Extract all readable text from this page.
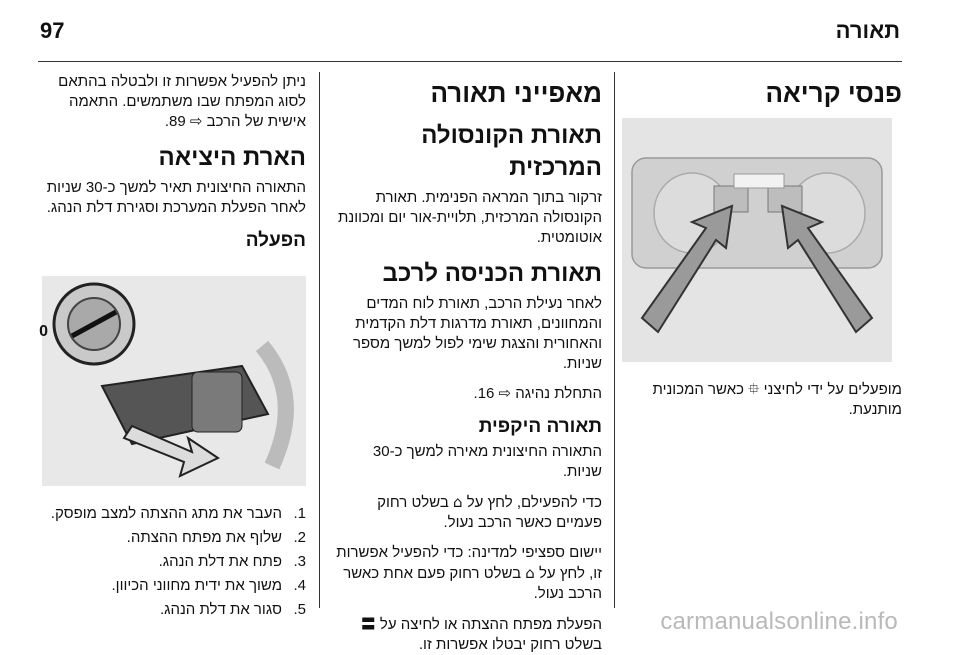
97	תאורה
פנסי קריאה

מופעלים על ידי לחיצני ⯐ כאשר המכונית מותנעת.

מאפייני תאורה
תאורת הקונסולה המרכזית

זרקור בתוך המראה הפנימית. תאורת הקונסולה המרכזית, תלויית-אור יום ומכוונת אוטומטית.

תאורת הכניסה לרכב

לאחר נעילת הרכב, תאורת לוח המדים והמחוונים, תאורת מדרגות דלת הקדמית והאחורית והצגת שימי לפול למשך מספר שניות.

התחלת נהיגה ⇨ 16.

תאורה היקפית

התאורה החיצונית מאירה למשך כ-30 שניות.

כדי להפעילם, לחץ על ⌂ בשלט רחוק פעמיים כאשר הרכב נעול.

יישום ספציפי למדינה: כדי להפעיל אפשרות זו, לחץ על ⌂ בשלט רחוק פעם אחת כאשר הרכב נעול.

הפעלת מפתח ההצתה או לחיצה על 〓 בשלט רחוק יבטלו אפשרות זו.

ניתן להפעיל אפשרות זו ולבטלה בהתאם לסוג המפתח שבו משתמשים. התאמה אישית של הרכב ⇨ 89.

הארת היציאה

התאורה החיצונית תאיר למשך כ-30 שניות לאחר הפעלת המערכת וסגירת דלת הנהג.

הפעלה
0
1.
העבר את מתג ההצתה למצב מופסק.
2.
שלוף את מפתח ההצתה.
3.
פתח את דלת הנהג.
4.
משוך את ידית מחווני הכיוון.
5.
סגור את דלת הנהג.	carmanualsonline.info
